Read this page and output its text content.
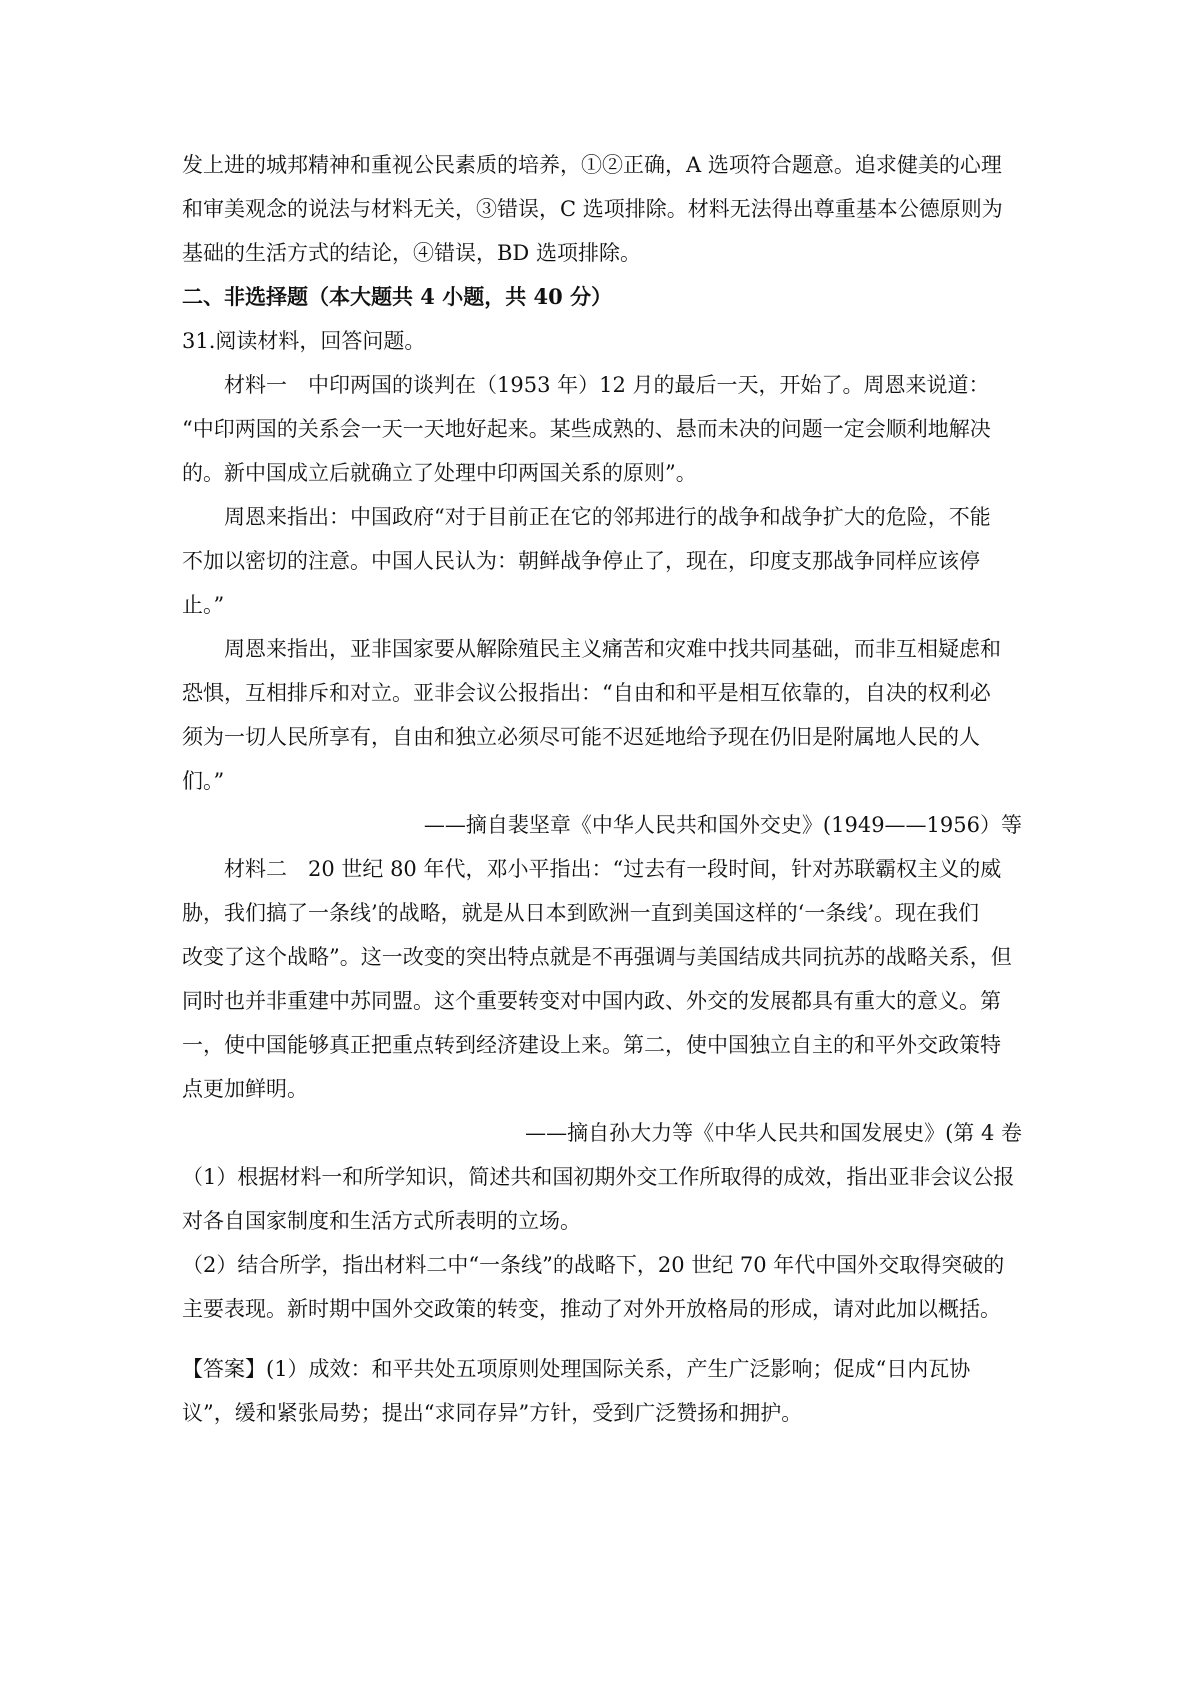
发上进的城邦精神和重视公民素质的培养，①②正确，A 选项符合题意。追求健美的心理
和审美观念的说法与材料无关，③错误，C 选项排除。材料无法得出尊重基本公德原则为
基础的生活方式的结论，④错误，BD 选项排除。
二、非选择题（本大题共 4 小题，共 40 分）
31.阅读材料，回答问题。
材料一　中印两国的谈判在（1953 年）12 月的最后一天，开始了。周恩来说道：
“中印两国的关系会一天一天地好起来。某些成熟的、悬而未决的问题一定会顺利地解决
的。新中国成立后就确立了处理中印两国关系的原则”。
周恩来指出：中国政府“对于目前正在它的邻邦进行的战争和战争扩大的危险，不能
不加以密切的注意。中国人民认为：朝鲜战争停止了，现在，印度支那战争同样应该停
止。”
周恩来指出，亚非国家要从解除殖民主义痛苦和灾难中找共同基础，而非互相疑虑和
恐惧，互相排斥和对立。亚非会议公报指出：“自由和和平是相互依靠的，自决的权利必
须为一切人民所享有，自由和独立必须尽可能不迟延地给予现在仍旧是附属地人民的人
们。”
——摘自裴坚章《中华人民共和国外交史》(1949——1956）等
材料二　20 世纪 80 年代，邓小平指出：“过去有一段时间，针对苏联霸权主义的威
胁，我们搞了一条线’的战略，就是从日本到欧洲一直到美国这样的‘一条线’。现在我们
改变了这个战略”。这一改变的突出特点就是不再强调与美国结成共同抗苏的战略关系，但
同时也并非重建中苏同盟。这个重要转变对中国内政、外交的发展都具有重大的意义。第
一，使中国能够真正把重点转到经济建设上来。第二，使中国独立自主的和平外交政策特
点更加鲜明。
——摘自孙大力等《中华人民共和国发展史》(第 4 卷
（1）根据材料一和所学知识，简述共和国初期外交工作所取得的成效，指出亚非会议公报
对各自国家制度和生活方式所表明的立场。
（2）结合所学，指出材料二中“一条线”的战略下，20 世纪 70 年代中国外交取得突破的
主要表现。新时期中国外交政策的转变，推动了对外开放格局的形成，请对此加以概括。
【答案】(1）成效：和平共处五项原则处理国际关系，产生广泛影响；促成“日内瓦协
议”，缓和紧张局势；提出“求同存异”方针，受到广泛赞扬和拥护。
